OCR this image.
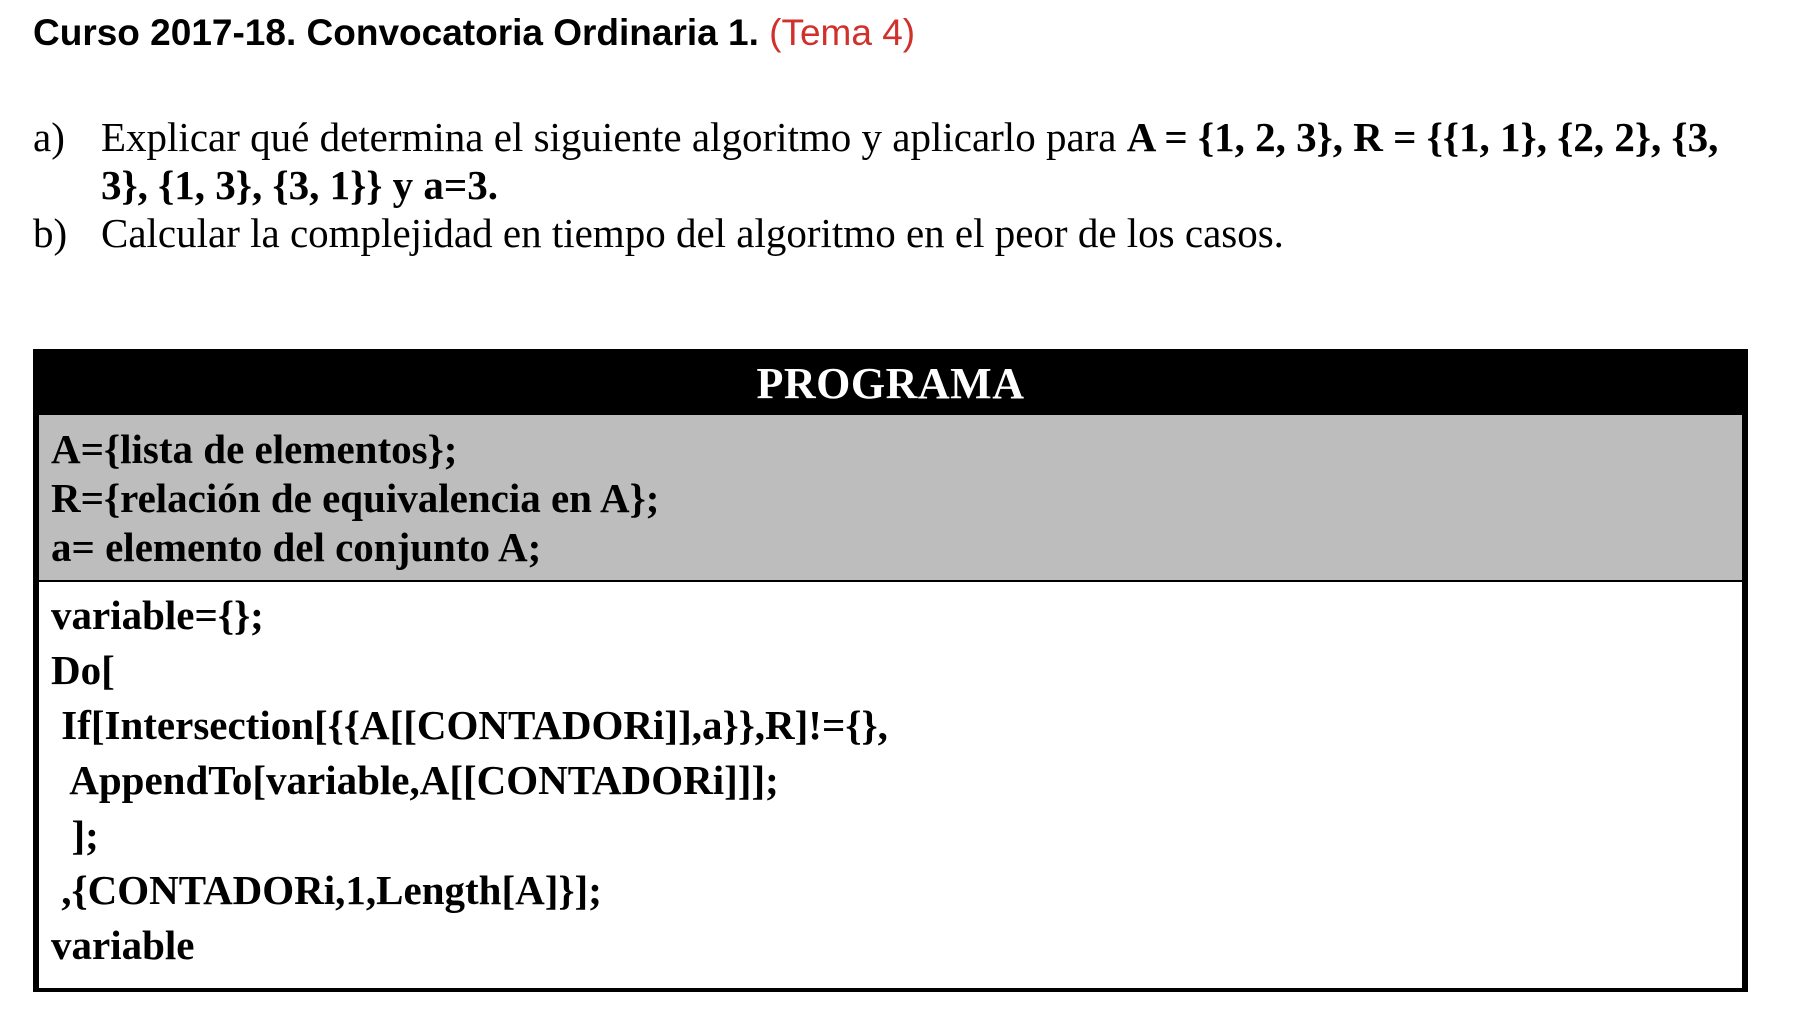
Curso 2017-18. Convocatoria Ordinaria 1. (Tema 4)
a) Explicar qué determina el siguiente algoritmo y aplicarlo para A = {1, 2, 3}, R = {{1, 1}, {2, 2}, {3, 3}, {1, 3}, {3, 1}} y a=3.
b) Calcular la complejidad en tiempo del algoritmo en el peor de los casos.
PROGRAMA
A={lista de elementos};
R={relación de equivalencia en A};
a= elemento del conjunto A;
variable={};
Do[
If[Intersection[{{A[[CONTADORi]],a}},R]!={},
AppendTo[variable,A[[CONTADORi]]];
];
,{CONTADORi,1,Length[A]}];
variable
